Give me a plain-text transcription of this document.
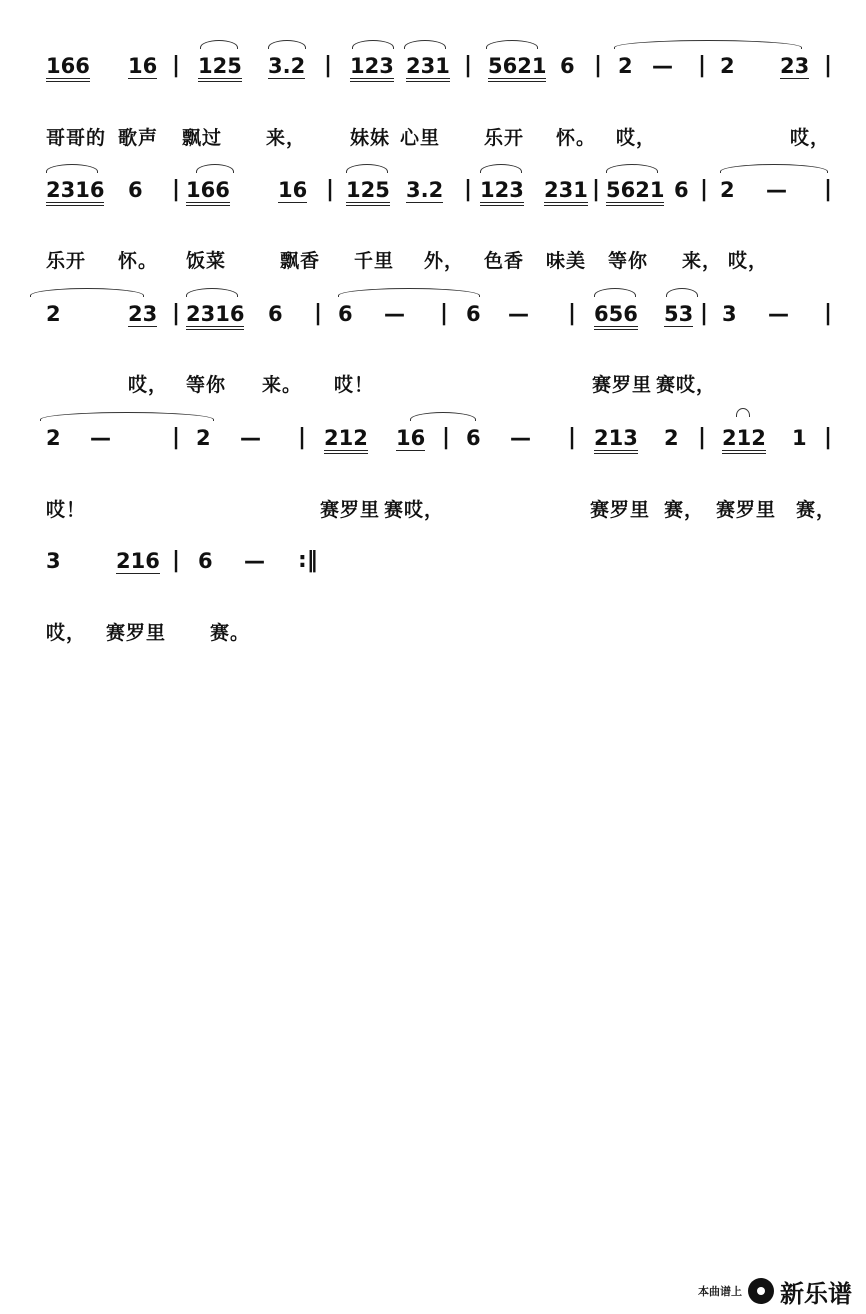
166 16 | 125 3.2 | 123 231 | 5621 6 | 2 — | 2 23 |
哥哥的 歌声 飘过 来， 妹妹 心里 乐开 怀。 哎，	哎，
2316 6 | 166 16 | 125 3.2 | 123 231 | 5621 6 | 2 — |
乐开 怀。 饭菜	飘香 千里 外， 色香 味美 等你 来， 哎，
2	23 | 2316 6 | 6 — | 6 — | 656 53 | 3 — |
哎， 等你 来。 哎！	赛罗里 赛哎，
2 —	| 2 — | 212 16 | 6 — | 213 2 | 212 1 |
哎！	赛罗里 赛哎，	赛罗里 赛， 赛罗里 赛，
3	216 | 6 — :‖
哎， 赛罗里 赛。
本曲谱上 新乐谱
